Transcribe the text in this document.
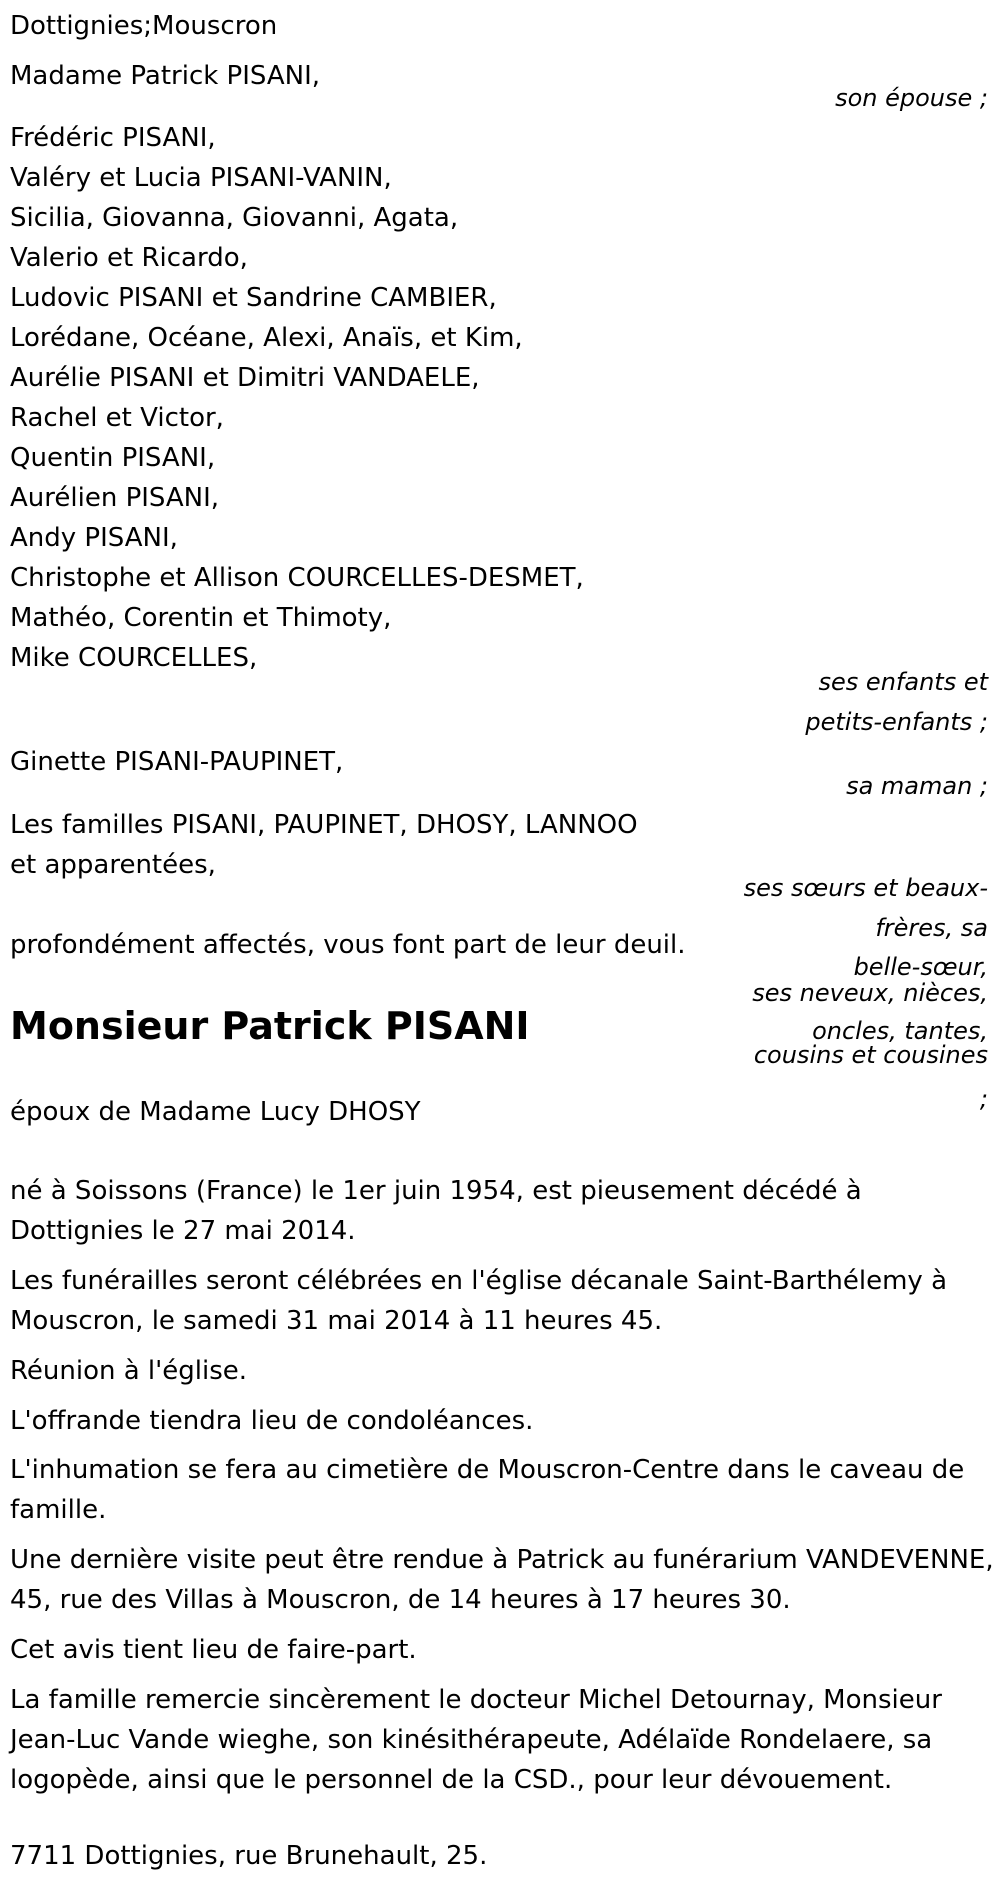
Dottignies;Mouscron
Madame Patrick PISANI,
son épouse ;
Frédéric PISANI,
Valéry et Lucia PISANI-VANIN,
Sicilia, Giovanna, Giovanni, Agata,
Valerio et Ricardo,
Ludovic PISANI et Sandrine CAMBIER,
Lorédane, Océane, Alexi, Anaïs, et Kim,
Aurélie PISANI et Dimitri VANDAELE,
Rachel et Victor,
Quentin PISANI,
Aurélien PISANI,
Andy PISANI,
Christophe et Allison COURCELLES-DESMET,
Mathéo, Corentin et Thimoty,
Mike COURCELLES,
ses enfants et
petits-enfants ;
Ginette PISANI-PAUPINET,
sa maman ;
Les familles PISANI, PAUPINET, DHOSY, LANNOO
et apparentées,
ses sœurs et beaux-
frères, sa
belle-sœur,
ses neveux, nièces,
oncles, tantes,
cousins et cousines
;
profondément affectés, vous font part de leur deuil.
Monsieur Patrick PISANI
époux de Madame Lucy DHOSY
né à Soissons (France) le 1er juin 1954, est pieusement décédé à Dottignies le 27 mai 2014.
Les funérailles seront célébrées en l'église décanale Saint-Barthélemy à Mouscron, le samedi 31 mai 2014 à 11 heures 45.
Réunion à l'église.
L'offrande tiendra lieu de condoléances.
L'inhumation se fera au cimetière de Mouscron-Centre dans le caveau de famille.
Une dernière visite peut être rendue à Patrick au funérarium VANDEVENNE, 45, rue des Villas à Mouscron, de 14 heures à 17 heures 30.
Cet avis tient lieu de faire-part.
La famille remercie sincèrement le docteur Michel Detournay, Monsieur Jean-Luc Vande wieghe, son kinésithérapeute, Adélaïde Rondelaere, sa logopède, ainsi que le personnel de la CSD., pour leur dévouement.
7711 Dottignies, rue Brunehault, 25.
